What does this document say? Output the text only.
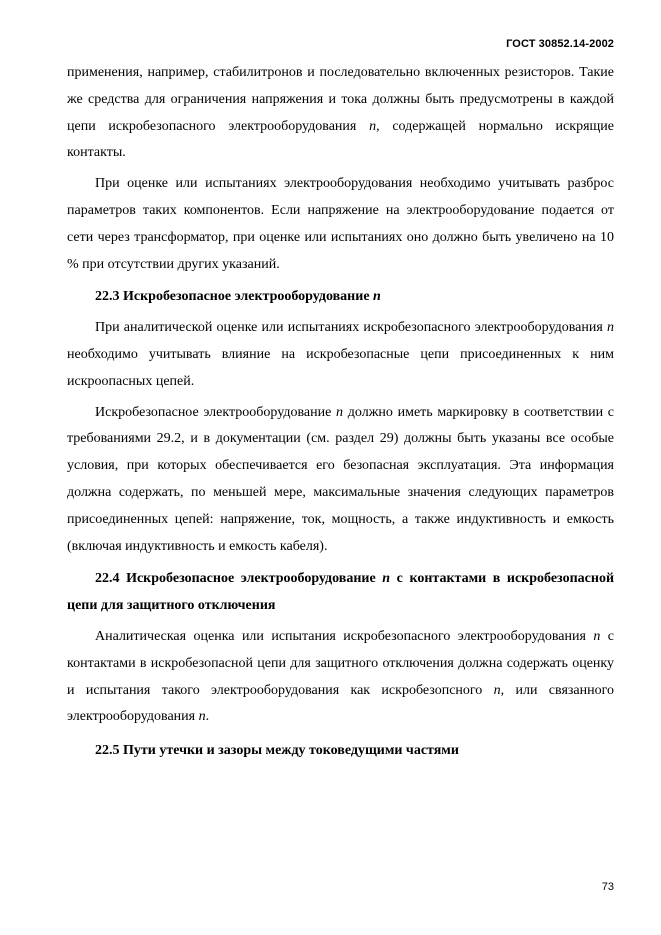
ГОСТ 30852.14-2002

применения, например, стабилитронов и последовательно включенных резисторов. Такие же средства для ограничения напряжения и тока должны быть предусмотрены в каждой цепи искробезопасного электрооборудования n, содержащей нормально искрящие контакты.

При оценке или испытаниях электрооборудования необходимо учитывать разброс параметров таких компонентов. Если напряжение на электрооборудование подается от сети через трансформатор, при оценке или испытаниях оно должно быть увеличено на 10 % при отсутствии других указаний.

22.3 Искробезопасное электрооборудование n

При аналитической оценке или испытаниях искробезопасного электрооборудования n необходимо учитывать влияние на искробезопасные цепи присоединенных к ним искроопасных цепей.

Искробезопасное электрооборудование n должно иметь маркировку в соответствии с требованиями 29.2, и в документации (см. раздел 29) должны быть указаны все особые условия, при которых обеспечивается его безопасная эксплуатация. Эта информация должна содержать, по меньшей мере, максимальные значения следующих параметров присоединенных цепей: напряжение, ток, мощность, а также индуктивность и емкость (включая индуктивность и емкость кабеля).

22.4 Искробезопасное электрооборудование n с контактами в искробезопасной цепи для защитного отключения

Аналитическая оценка или испытания искробезопасного электрооборудования n с контактами в искробезопасной цепи для защитного отключения должна содержать оценку и испытания такого электрооборудования как искробезопсного n, или связанного электрооборудования n.

22.5 Пути утечки и зазоры между токоведущими частями

73
